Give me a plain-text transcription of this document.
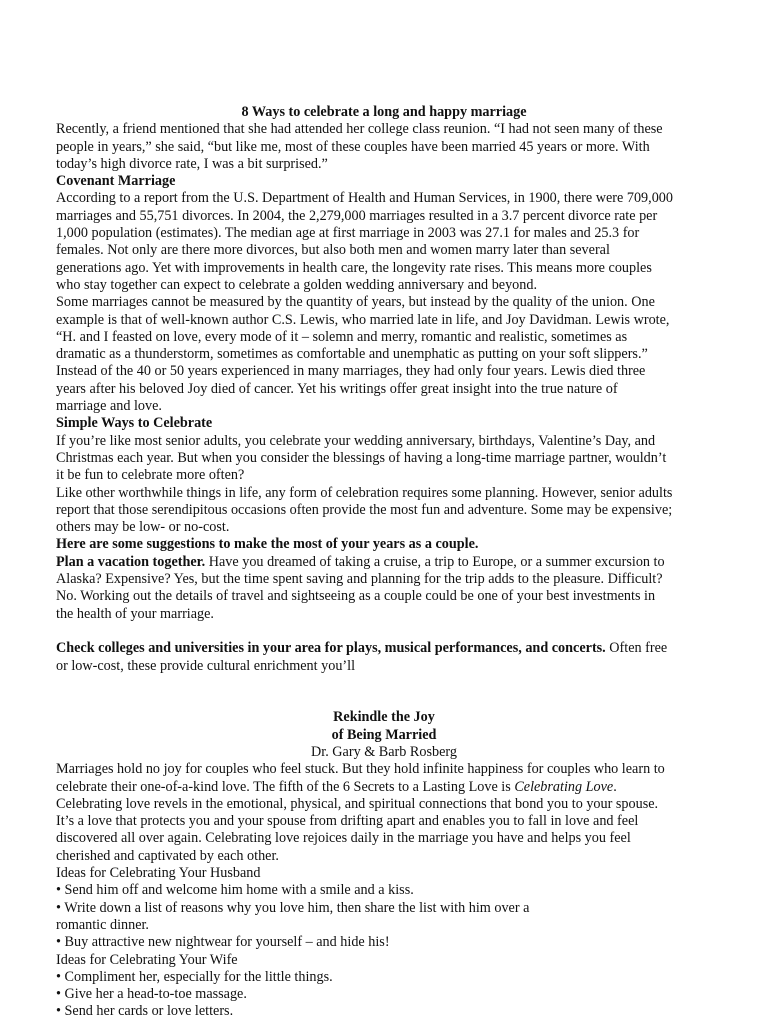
8 Ways to celebrate a long and happy marriage
Recently, a friend mentioned that she had attended her college class reunion. “I had not seen many of these
people in years,” she said, “but like me, most of these couples have been married 45 years or more. With
today’s high divorce rate, I was a bit surprised.”
Covenant Marriage
According to a report from the U.S. Department of Health and Human Services, in 1900, there were 709,000
marriages and 55,751 divorces. In 2004, the 2,279,000 marriages resulted in a 3.7 percent divorce rate per
1,000 population (estimates). The median age at first marriage in 2003 was 27.1 for males and 25.3 for
females. Not only are there more divorces, but also both men and women marry later than several
generations ago. Yet with improvements in health care, the longevity rate rises. This means more couples
who stay together can expect to celebrate a golden wedding anniversary and beyond.
Some marriages cannot be measured by the quantity of years, but instead by the quality of the union. One
example is that of well-known author C.S. Lewis, who married late in life, and Joy Davidman. Lewis wrote,
“H. and I feasted on love, every mode of it – solemn and merry, romantic and realistic, sometimes as
dramatic as a thunderstorm, sometimes as comfortable and unemphatic as putting on your soft slippers.”
Instead of the 40 or 50 years experienced in many marriages, they had only four years. Lewis died three
years after his beloved Joy died of cancer. Yet his writings offer great insight into the true nature of
marriage and love.
Simple Ways to Celebrate
If you’re like most senior adults, you celebrate your wedding anniversary, birthdays, Valentine’s Day, and
Christmas each year. But when you consider the blessings of having a long-time marriage partner, wouldn’t
it be fun to celebrate more often?
Like other worthwhile things in life, any form of celebration requires some planning. However, senior adults
report that those serendipitous occasions often provide the most fun and adventure. Some may be expensive;
others may be low- or no-cost.
Here are some suggestions to make the most of your years as a couple.
Plan a vacation together. Have you dreamed of taking a cruise, a trip to Europe, or a summer excursion to
Alaska? Expensive? Yes, but the time spent saving and planning for the trip adds to the pleasure. Difficult?
No. Working out the details of travel and sightseeing as a couple could be one of your best investments in
the health of your marriage.
Check colleges and universities in your area for plays, musical performances, and concerts. Often free
or low-cost, these provide cultural enrichment you’ll
Rekindle the Joy
of Being Married
Dr. Gary & Barb Rosberg
Marriages hold no joy for couples who feel stuck. But they hold infinite happiness for couples who learn to
celebrate their one-of-a-kind love. The fifth of the 6 Secrets to a Lasting Love is Celebrating Love.
Celebrating love revels in the emotional, physical, and spiritual connections that bond you to your spouse.
It’s a love that protects you and your spouse from drifting apart and enables you to fall in love and feel
discovered all over again. Celebrating love rejoices daily in the marriage you have and helps you feel
cherished and captivated by each other.
Ideas for Celebrating Your Husband
• Send him off and welcome him home with a smile and a kiss.
• Write down a list of reasons why you love him, then share the list with him over a
romantic dinner.
• Buy attractive new nightwear for yourself – and hide his!
Ideas for Celebrating Your Wife
• Compliment her, especially for the little things.
• Give her a head-to-toe massage.
• Send her cards or love letters.
